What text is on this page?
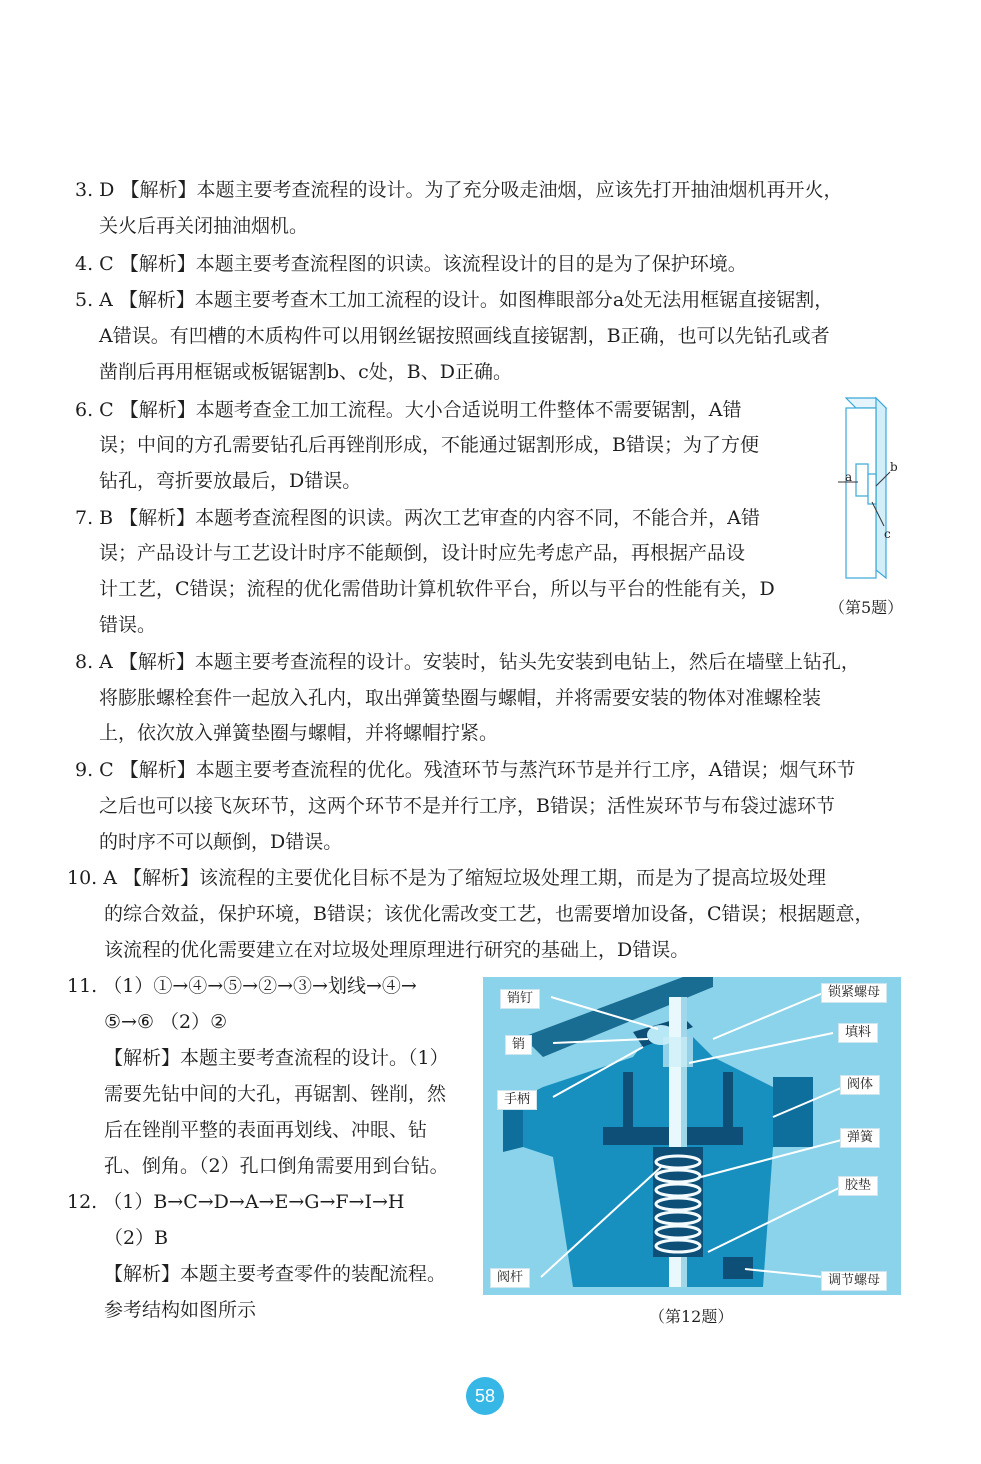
3. D 【解析】本题主要考查流程的设计。为了充分吸走油烟，应该先打开抽油烟机再开火，
关火后再关闭抽油烟机。
4. C 【解析】本题主要考查流程图的识读。该流程设计的目的是为了保护环境。
5. A 【解析】本题主要考查木工加工流程的设计。如图榫眼部分a处无法用框锯直接锯割，
A错误。有凹槽的木质构件可以用钢丝锯按照画线直接锯割，B正确，也可以先钻孔或者
凿削后再用框锯或板锯锯割b、c处，B、D正确。
6. C 【解析】本题考查金工加工流程。大小合适说明工件整体不需要锯割，A错
误；中间的方孔需要钻孔后再锉削形成，不能通过锯割形成，B错误；为了方便
钻孔，弯折要放最后，D错误。
7. B 【解析】本题考查流程图的识读。两次工艺审查的内容不同，不能合并，A错
误；产品设计与工艺设计时序不能颠倒，设计时应先考虑产品，再根据产品设
计工艺，C错误；流程的优化需借助计算机软件平台，所以与平台的性能有关，D
错误。
a
b
c
（第5题）
8. A 【解析】本题主要考查流程的设计。安装时，钻头先安装到电钻上，然后在墙壁上钻孔，
将膨胀螺栓套件一起放入孔内，取出弹簧垫圈与螺帽，并将需要安装的物体对准螺栓装
上，依次放入弹簧垫圈与螺帽，并将螺帽拧紧。
9. C 【解析】本题主要考查流程的优化。残渣环节与蒸汽环节是并行工序，A错误；烟气环节
之后也可以接飞灰环节，这两个环节不是并行工序，B错误；活性炭环节与布袋过滤环节
的时序不可以颠倒，D错误。
10. A 【解析】该流程的主要优化目标不是为了缩短垃圾处理工期，而是为了提高垃圾处理
的综合效益，保护环境，B错误；该优化需改变工艺，也需要增加设备，C错误；根据题意，
该流程的优化需要建立在对垃圾处理原理进行研究的基础上，D错误。
11. （1）①→④→⑤→②→③→划线→④→
⑤→⑥ （2）②
【解析】本题主要考查流程的设计。（1）
需要先钻中间的大孔，再锯割、锉削，然
后在锉削平整的表面再划线、冲眼、钻
孔、倒角。（2）孔口倒角需要用到台钻。
12. （1）B→C→D→A→E→G→F→I→H
（2）B
【解析】本题主要考查零件的装配流程。
参考结构如图所示
销钉
销
手柄
阀杆
锁紧螺母
填料
阀体
弹簧
胶垫
调节螺母
（第12题）
58
